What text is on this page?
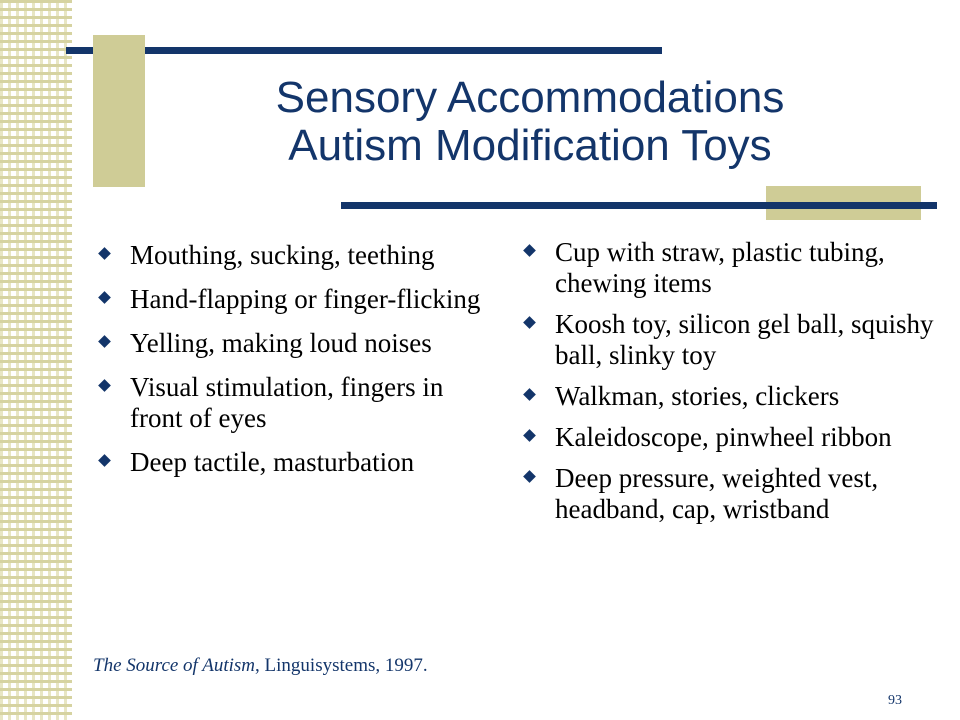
Sensory Accommodations
Autism Modification Toys
Mouthing, sucking, teething
Hand-flapping or finger-flicking
Yelling, making loud noises
Visual stimulation, fingers in front of eyes
Deep tactile, masturbation
Cup with straw, plastic tubing, chewing items
Koosh toy, silicon gel ball, squishy ball, slinky toy
Walkman, stories, clickers
Kaleidoscope, pinwheel ribbon
Deep pressure, weighted vest, headband, cap, wristband
The Source of Autism, Linguisystems, 1997.
93
